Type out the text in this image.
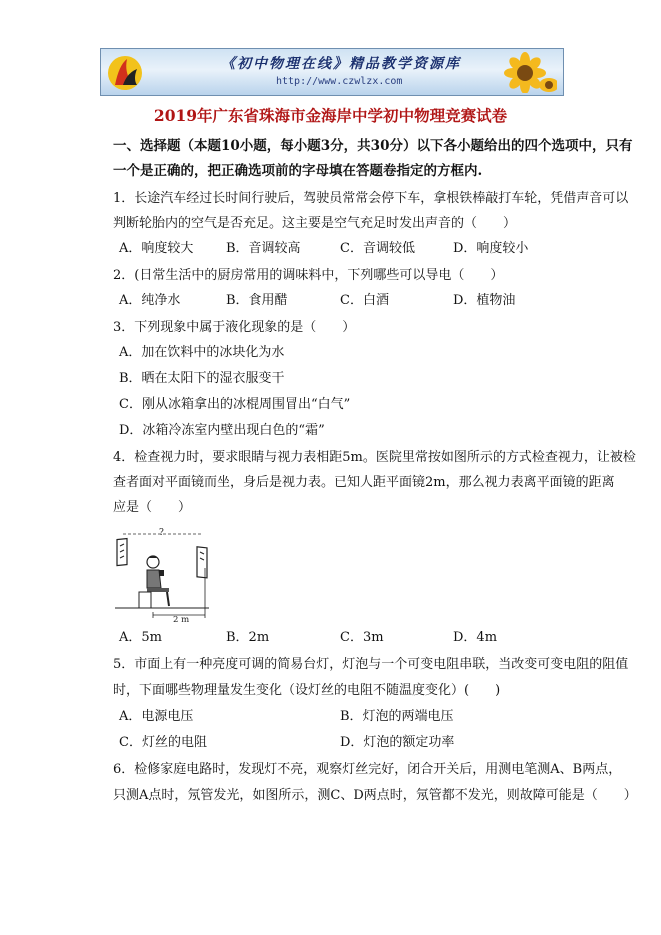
《初中物理在线》精品教学资源库
http://www.czwlzx.com
2019年广东省珠海市金海岸中学初中物理竞赛试卷
一、选择题（本题10小题，每小题3分，共30分）以下各小题给出的四个选项中，只有
一个是正确的，把正确选项前的字母填在答题卷指定的方框内.
1．长途汽车经过长时间行驶后，驾驶员常常会停下车，拿根铁棒敲打车轮，凭借声音可以
判断轮胎内的空气是否充足。这主要是空气充足时发出声音的（　　）
A．响度较大	B．音调较高	C．音调较低	D．响度较小
2．(日常生活中的厨房常用的调味料中，下列哪些可以导电（　　）
A．纯净水	B．食用醋	C．白酒	D．植物油
3．下列现象中属于液化现象的是（　　）
A．加在饮料中的冰块化为水
B．晒在太阳下的湿衣服变干
C．刚从冰箱拿出的冰棍周围冒出“白气”
D．冰箱冷冻室内壁出现白色的“霜”
4．检查视力时，要求眼睛与视力表相距5m。医院里常按如图所示的方式检查视力，让被检
查者面对平面镜而坐，身后是视力表。已知人距平面镜2m，那么视力表离平面镜的距离
应是（　　）
?
2 m
A．5m	B．2m	C．3m	D．4m
5．市面上有一种亮度可调的简易台灯，灯泡与一个可变电阻串联，当改变可变电阻的阻值
时，下面哪些物理量发生变化（设灯丝的电阻不随温度变化）(　　)
A．电源电压	B．灯泡的两端电压
C．灯丝的电阻	D．灯泡的额定功率
6．检修家庭电路时，发现灯不亮，观察灯丝完好，闭合开关后，用测电笔测A、B两点，
只测A点时，氖管发光，如图所示，测C、D两点时，氖管都不发光，则故障可能是（　　）
